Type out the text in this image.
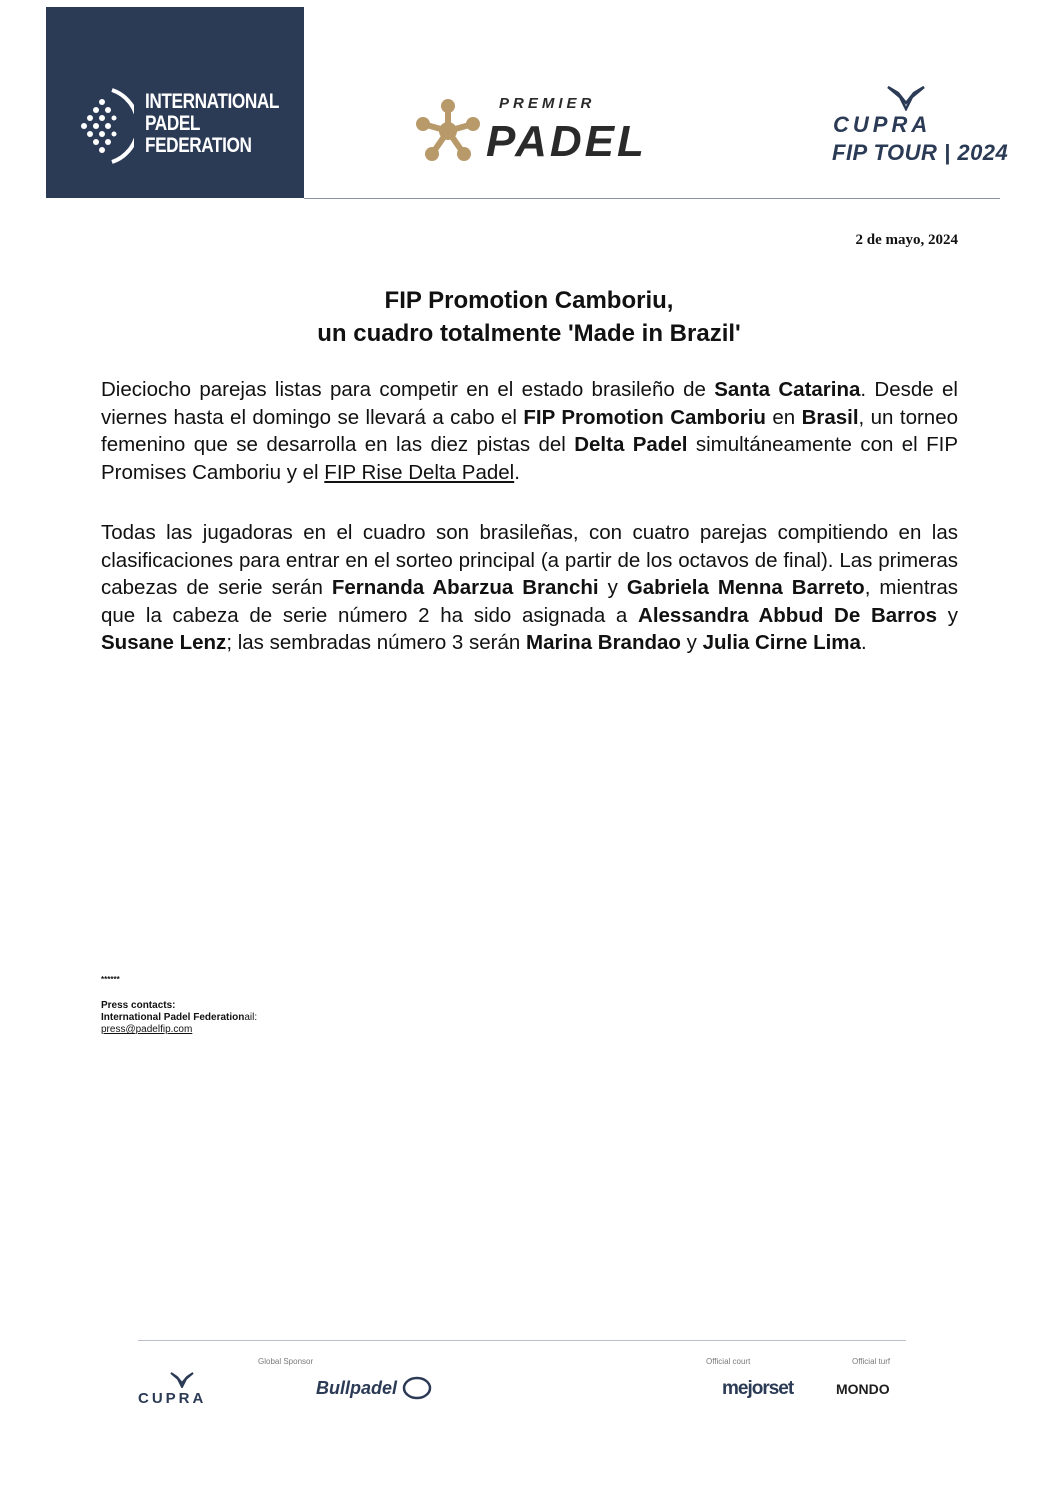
INTERNATIONAL
PADEL
FEDERATION
PREMIER
PADEL	CUPRA
FIP TOUR | 2024
2 de mayo, 2024
FIP Promotion Camboriu,
un cuadro totalmente 'Made in Brazil'
Dieciocho parejas listas para competir en el estado brasileño de Santa Catarina. Desde el viernes hasta el domingo se llevará a cabo el FIP Promotion Camboriu en Brasil, un torneo femenino que se desarrolla en las diez pistas del Delta Padel simultáneamente con el FIP Promises Camboriu y el FIP Rise Delta Padel.
Todas las jugadoras en el cuadro son brasileñas, con cuatro parejas compitiendo en las clasificaciones para entrar en el sorteo principal (a partir de los octavos de final). Las primeras cabezas de serie serán Fernanda Abarzua Branchi y Gabriela Menna Barreto, mientras que la cabeza de serie número 2 ha sido asignada a Alessandra Abbud De Barros y Susane Lenz; las sembradas número 3 serán Marina Brandao y Julia Cirne Lima.
******
Press contacts:
International Padel Federationail:
press@padelfip.com
Global Sponsor	Official court	Official turf
CUPRA
Bullpadel	mejorset	MONDO
